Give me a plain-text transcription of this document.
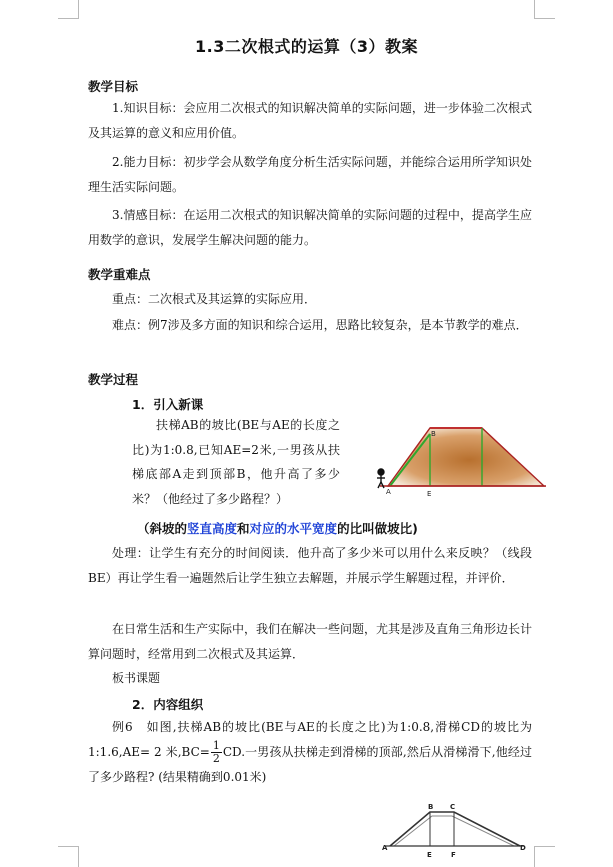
1.3二次根式的运算（3）教案
教学目标

1.知识目标：会应用二次根式的知识解决简单的实际问题，进一步体验二次根式及其运算的意义和应用价值。

2.能力目标：初步学会从数学角度分析生活实际问题，并能综合运用所学知识处理生活实际问题。

3.情感目标：在运用二次根式的知识解决简单的实际问题的过程中，提高学生应用数学的意识，发展学生解决问题的能力。

教学重难点

重点：二次根式及其运算的实际应用．

难点：例7涉及多方面的知识和综合运用，思路比较复杂，是本节教学的难点．

教学过程
1．引入新课

扶梯AB的坡比(BE与AE的长度之比)为1:0.8,已知AE=2米,一男孩从扶梯底部A走到顶部B，他升高了多少米？（他经过了多少路程？）	A
B
E
（斜坡的竖直高度和对应的水平宽度的比叫做坡比)

处理：让学生有充分的时间阅读．他升高了多少米可以用什么来反映？（线段BE）再让学生看一遍题然后让学生独立去解题，并展示学生解题过程，并评价．

在日常生活和生产实际中，我们在解决一些问题，尤其是涉及直角三角形边长计算问题时，经常用到二次根式及其运算．

板书课题

2．内容组织

例6　如图,扶梯AB的坡比(BE与AE的长度之比)为1:0.8,滑梯CD的坡比为1:1.6,AE= 2 米$,BC= \frac{1}{2}$ CD.一男孩从扶梯走到滑梯的顶部,然后从滑梯滑下,他经过了多少路程? (结果精确到0.01米)

A
B C
D
E	F
